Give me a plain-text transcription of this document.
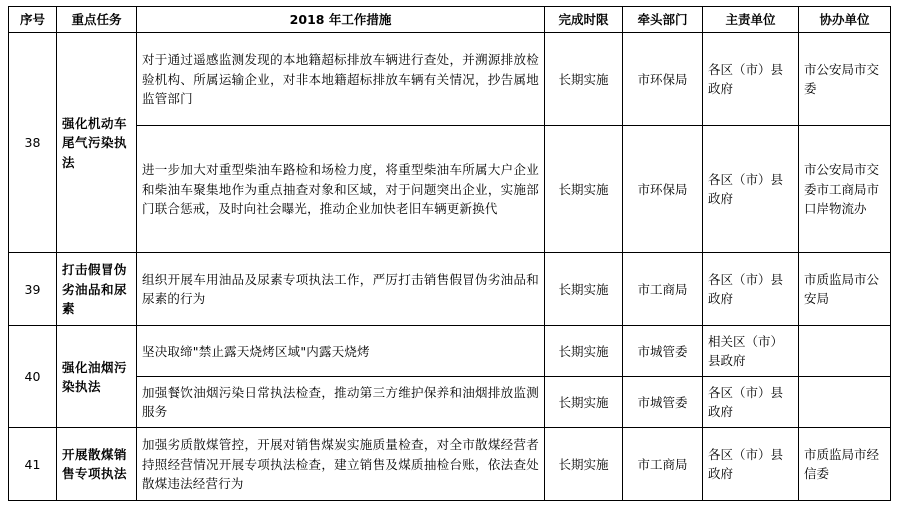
序号	重点任务	2018 年工作措施	完成时限	牵头部门	主责单位	协办单位
38	强化机动车尾气污染执法	对于通过遥感监测发现的本地籍超标排放车辆进行查处，并溯源排放检验机构、所属运输企业，对非本地籍超标排放车辆有关情况，抄告属地监管部门	长期实施	市环保局	各区（市）县政府	市公安局市交委
		进一步加大对重型柴油车路检和场检力度，将重型柴油车所属大户企业和柴油车聚集地作为重点抽查对象和区域，对于问题突出企业，实施部门联合惩戒，及时向社会曝光，推动企业加快老旧车辆更新换代	长期实施	市环保局	各区（市）县政府	市公安局市交委市工商局市口岸物流办
39	打击假冒伪劣油品和尿素	组织开展车用油品及尿素专项执法工作，严厉打击销售假冒伪劣油品和尿素的行为	长期实施	市工商局	各区（市）县政府	市质监局市公安局
40	强化油烟污染执法	坚决取缔"禁止露天烧烤区域"内露天烧烤	长期实施	市城管委	相关区（市）县政府	
		加强餐饮油烟污染日常执法检查，推动第三方维护保养和油烟排放监测服务	长期实施	市城管委	各区（市）县政府	
41	开展散煤销售专项执法	加强劣质散煤管控，开展对销售煤炭实施质量检查，对全市散煤经营者持照经营情况开展专项执法检查，建立销售及煤质抽检台账，依法查处散煤违法经营行为	长期实施	市工商局	各区（市）县政府	市质监局市经信委
